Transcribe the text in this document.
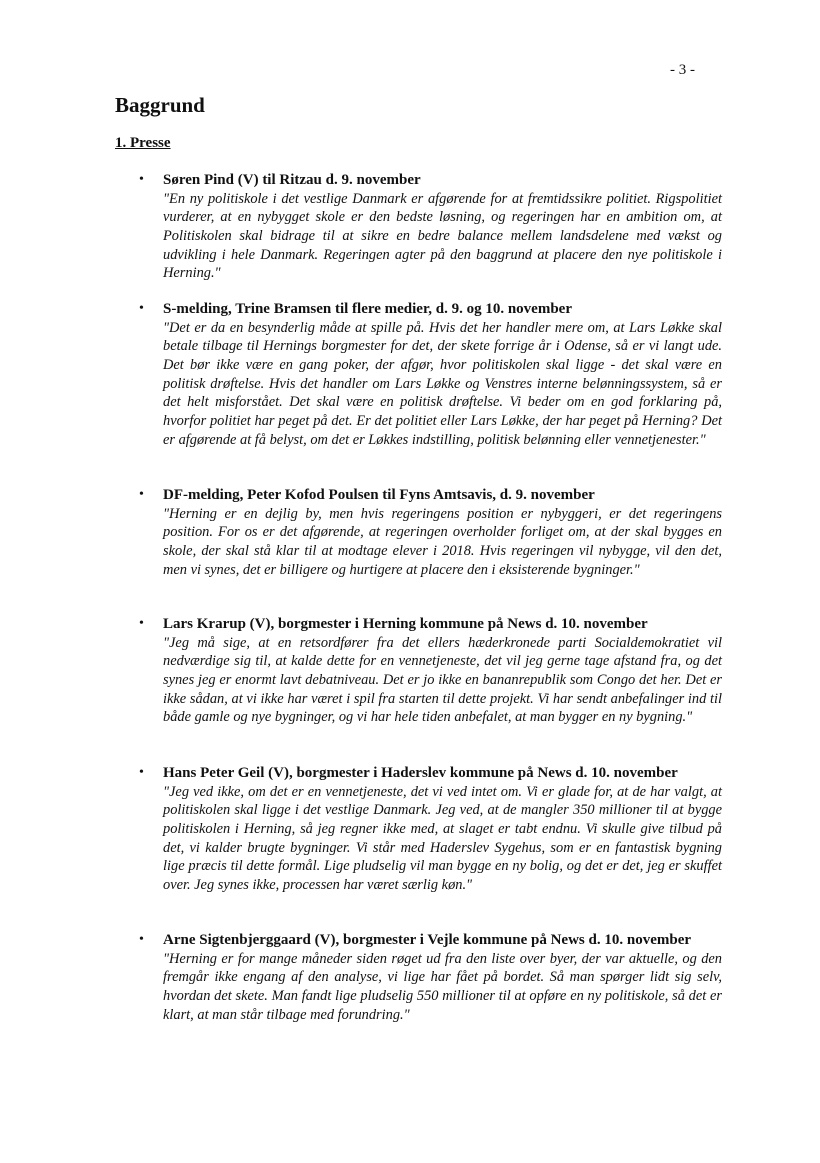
- 3 -
Baggrund
1. Presse
• Søren Pind (V) til Ritzau d. 9. november
"En ny politiskole i det vestlige Danmark er afgørende for at fremtidssikre politiet. Rigspolitiet vurderer, at en nybygget skole er den bedste løsning, og regeringen har en ambition om, at Politiskolen skal bidrage til at sikre en bedre balance mellem landsdelene med vækst og udvikling i hele Danmark. Regeringen agter på den baggrund at placere den nye politiskole i Herning."
• S-melding, Trine Bramsen til flere medier, d. 9. og 10. november
"Det er da en besynderlig måde at spille på. Hvis det her handler mere om, at Lars Løkke skal betale tilbage til Hernings borgmester for det, der skete forrige år i Odense, så er vi langt ude. Det bør ikke være en gang poker, der afgør, hvor politiskolen skal ligge - det skal være en politisk drøftelse. Hvis det handler om Lars Løkke og Venstres interne belønningssystem, så er det helt misforstået. Det skal være en politisk drøftelse. Vi beder om en god forklaring på, hvorfor politiet har peget på det. Er det politiet eller Lars Løkke, der har peget på Herning? Det er afgørende at få belyst, om det er Løkkes indstilling, politisk belønning eller vennetjenester."
• DF-melding, Peter Kofod Poulsen til Fyns Amtsavis, d. 9. november
"Herning er en dejlig by, men hvis regeringens position er nybyggeri, er det regeringens position. For os er det afgørende, at regeringen overholder forliget om, at der skal bygges en skole, der skal stå klar til at modtage elever i 2018. Hvis regeringen vil nybygge, vil den det, men vi synes, det er billigere og hurtigere at placere den i eksisterende bygninger."
• Lars Krarup (V), borgmester i Herning kommune på News d. 10. november
"Jeg må sige, at en retsordfører fra det ellers hæderkronede parti Socialdemokratiet vil nedværdige sig til, at kalde dette for en vennetjeneste, det vil jeg gerne tage afstand fra, og det synes jeg er enormt lavt debatniveau. Det er jo ikke en bananrepublik som Congo det her. Det er ikke sådan, at vi ikke har været i spil fra starten til dette projekt. Vi har sendt anbefalinger ind til både gamle og nye bygninger, og vi har hele tiden anbefalet, at man bygger en ny bygning."
• Hans Peter Geil (V), borgmester i Haderslev kommune på News d. 10. november
"Jeg ved ikke, om det er en vennetjeneste, det vi ved intet om. Vi er glade for, at de har valgt, at politiskolen skal ligge i det vestlige Danmark. Jeg ved, at de mangler 350 millioner til at bygge politiskolen i Herning, så jeg regner ikke med, at slaget er tabt endnu. Vi skulle give tilbud på det, vi kalder brugte bygninger. Vi står med Haderslev Sygehus, som er en fantastisk bygning lige præcis til dette formål. Lige pludselig vil man bygge en ny bolig, og det er det, jeg er skuffet over. Jeg synes ikke, processen har været særlig køn."
• Arne Sigtenbjerggaard (V), borgmester i Vejle kommune på News d. 10. november
"Herning er for mange måneder siden røget ud fra den liste over byer, der var aktuelle, og den fremgår ikke engang af den analyse, vi lige har fået på bordet. Så man spørger lidt sig selv, hvordan det skete. Man fandt lige pludselig 550 millioner til at opføre en ny politiskole, så det er klart, at man står tilbage med forundring."
